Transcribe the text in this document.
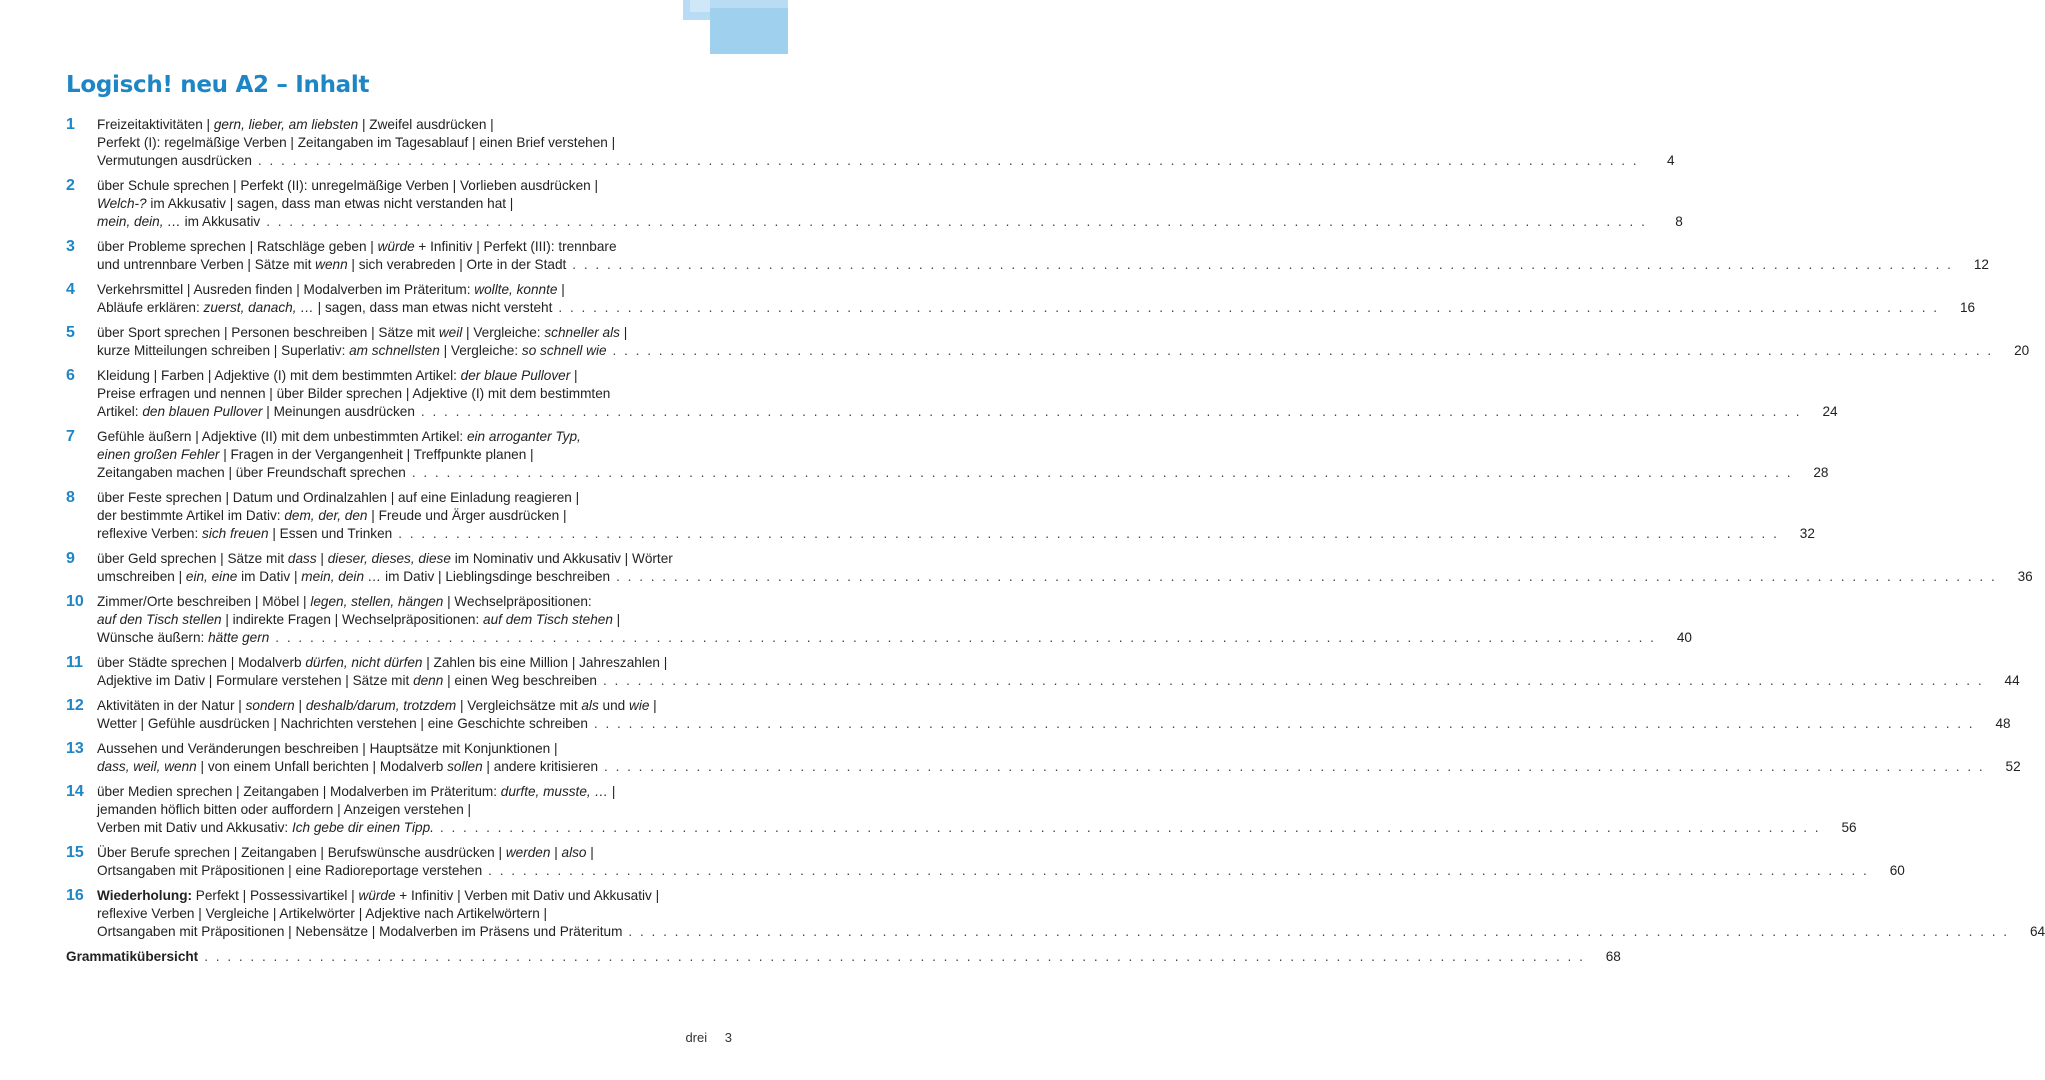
Logisch! neu A2 – Inhalt
1	Freizeitaktivitäten | gern, lieber, am liebsten | Zweifel ausdrücken |
Perfekt (I): regelmäßige Verben | Zeitangaben im Tagesablauf | einen Brief verstehen |
Vermutungen ausdrücken . . . . . . . . . . . . . . . . . . . . . . . . . . . . . . . . . . . . . . . . . . . . . . . . . . . . . . . . . . . . . . . . . . . . . . . . . . . . . . . . . . . . . . . . . . . . . . . . . . . . . . . . . . . . . . . . . . . . . . . .	4
2	über Schule sprechen | Perfekt (II): unregelmäßige Verben | Vorlieben ausdrücken |
Welch-? im Akkusativ | sagen, dass man etwas nicht verstanden hat |
mein, dein, … im Akkusativ . . . . . . . . . . . . . . . . . . . . . . . . . . . . . . . . . . . . . . . . . . . . . . . . . . . . . . . . . . . . . . . . . . . . . . . . . . . . . . . . . . . . . . . . . . . . . . . . . . . . . . . . . . . . . . . . . . . . . . . .	8
3	über Probleme sprechen | Ratschläge geben | würde + Infinitiv | Perfekt (III): trennbare
und untrennbare Verben | Sätze mit wenn | sich verabreden | Orte in der Stadt . . . . . . . . . . . . . . . . . . . . . . . . . . . . . . . . . . . . . . . . . . . . . . . . . . . . . . . . . . . . . . . . . . . . . . . . . . . . . . . . . . . . . . . . . . . . . . . . . . . . . . . . . . . . . . . . . . . . . . . .	12
4	Verkehrsmittel | Ausreden finden | Modalverben im Präteritum: wollte, konnte |
Abläufe erklären: zuerst, danach, … | sagen, dass man etwas nicht versteht . . . . . . . . . . . . . . . . . . . . . . . . . . . . . . . . . . . . . . . . . . . . . . . . . . . . . . . . . . . . . . . . . . . . . . . . . . . . . . . . . . . . . . . . . . . . . . . . . . . . . . . . . . . . . . . . . . . . . . . .	16
5	über Sport sprechen | Personen beschreiben | Sätze mit weil | Vergleiche: schneller als |
kurze Mitteilungen schreiben | Superlativ: am schnellsten | Vergleiche: so schnell wie . . . . . . . . . . . . . . . . . . . . . . . . . . . . . . . . . . . . . . . . . . . . . . . . . . . . . . . . . . . . . . . . . . . . . . . . . . . . . . . . . . . . . . . . . . . . . . . . . . . . . . . . . . . . . . . . . . . . . . . .	20
6	Kleidung | Farben | Adjektive (I) mit dem bestimmten Artikel: der blaue Pullover |
Preise erfragen und nennen | über Bilder sprechen | Adjektive (I) mit dem bestimmten
Artikel: den blauen Pullover | Meinungen ausdrücken . . . . . . . . . . . . . . . . . . . . . . . . . . . . . . . . . . . . . . . . . . . . . . . . . . . . . . . . . . . . . . . . . . . . . . . . . . . . . . . . . . . . . . . . . . . . . . . . . . . . . . . . . . . . . . . . . . . . . . . .	24
7	Gefühle äußern | Adjektive (II) mit dem unbestimmten Artikel: ein arroganter Typ,
einen großen Fehler | Fragen in der Vergangenheit | Treffpunkte planen |
Zeitangaben machen | über Freundschaft sprechen . . . . . . . . . . . . . . . . . . . . . . . . . . . . . . . . . . . . . . . . . . . . . . . . . . . . . . . . . . . . . . . . . . . . . . . . . . . . . . . . . . . . . . . . . . . . . . . . . . . . . . . . . . . . . . . . . . . . . . . .	28
8	über Feste sprechen | Datum und Ordinalzahlen | auf eine Einladung reagieren |
der bestimmte Artikel im Dativ: dem, der, den | Freude und Ärger ausdrücken |
reflexive Verben: sich freuen | Essen und Trinken . . . . . . . . . . . . . . . . . . . . . . . . . . . . . . . . . . . . . . . . . . . . . . . . . . . . . . . . . . . . . . . . . . . . . . . . . . . . . . . . . . . . . . . . . . . . . . . . . . . . . . . . . . . . . . . . . . . . . . . .	32
9	über Geld sprechen | Sätze mit dass | dieser, dieses, diese im Nominativ und Akkusativ | Wörter
umschreiben | ein, eine im Dativ | mein, dein … im Dativ | Lieblingsdinge beschreiben . . . . . . . . . . . . . . . . . . . . . . . . . . . . . . . . . . . . . . . . . . . . . . . . . . . . . . . . . . . . . . . . . . . . . . . . . . . . . . . . . . . . . . . . . . . . . . . . . . . . . . . . . . . . . . . . . . . . . . . .	36
10 Zimmer/Orte beschreiben | Möbel | legen, stellen, hängen | Wechselpräpositionen:
auf den Tisch stellen | indirekte Fragen | Wechselpräpositionen: auf dem Tisch stehen |
Wünsche äußern: hätte gern . . . . . . . . . . . . . . . . . . . . . . . . . . . . . . . . . . . . . . . . . . . . . . . . . . . . . . . . . . . . . . . . . . . . . . . . . . . . . . . . . . . . . . . . . . . . . . . . . . . . . . . . . . . . . . . . . . . . . . . .	40
11	über Städte sprechen | Modalverb dürfen, nicht dürfen | Zahlen bis eine Million | Jahreszahlen |
Adjektive im Dativ | Formulare verstehen | Sätze mit denn | einen Weg beschreiben . . . . . . . . . . . . . . . . . . . . . . . . . . . . . . . . . . . . . . . . . . . . . . . . . . . . . . . . . . . . . . . . . . . . . . . . . . . . . . . . . . . . . . . . . . . . . . . . . . . . . . . . . . . . . . . . . . . . . . . .	44
12 Aktivitäten in der Natur | sondern | deshalb/darum, trotzdem | Vergleichsätze mit als und wie |
Wetter | Gefühle ausdrücken | Nachrichten verstehen | eine Geschichte schreiben . . . . . . . . . . . . . . . . . . . . . . . . . . . . . . . . . . . . . . . . . . . . . . . . . . . . . . . . . . . . . . . . . . . . . . . . . . . . . . . . . . . . . . . . . . . . . . . . . . . . . . . . . . . . . . . . . . . . . . . .	48
13 Aussehen und Veränderungen beschreiben | Hauptsätze mit Konjunktionen |
dass, weil, wenn | von einem Unfall berichten | Modalverb sollen | andere kritisieren . . . . . . . . . . . . . . . . . . . . . . . . . . . . . . . . . . . . . . . . . . . . . . . . . . . . . . . . . . . . . . . . . . . . . . . . . . . . . . . . . . . . . . . . . . . . . . . . . . . . . . . . . . . . . . . . . . . . . . . .	52
14 über Medien sprechen | Zeitangaben | Modalverben im Präteritum: durfte, musste, … |
jemanden höflich bitten oder auffordern | Anzeigen verstehen |
Verben mit Dativ und Akkusativ: Ich gebe dir einen Tipp. . . . . . . . . . . . . . . . . . . . . . . . . . . . . . . . . . . . . . . . . . . . . . . . . . . . . . . . . . . . . . . . . . . . . . . . . . . . . . . . . . . . . . . . . . . . . . . . . . . . . . . . . . . . . . . . . . . . . . . . .	56
15 Über Berufe sprechen | Zeitangaben | Berufswünsche ausdrücken | werden | also |
Ortsangaben mit Präpositionen | eine Radioreportage verstehen . . . . . . . . . . . . . . . . . . . . . . . . . . . . . . . . . . . . . . . . . . . . . . . . . . . . . . . . . . . . . . . . . . . . . . . . . . . . . . . . . . . . . . . . . . . . . . . . . . . . . . . . . . . . . . . . . . . . . . . .	60
16 Wiederholung: Perfekt | Possessivartikel | würde + Infinitiv | Verben mit Dativ und Akkusativ |
reflexive Verben | Vergleiche | Artikelwörter | Adjektive nach Artikelwörtern |
Ortsangaben mit Präpositionen | Nebensätze | Modalverben im Präsens und Präteritum . . . . . . . . . . . . . . . . . . . . . . . . . . . . . . . . . . . . . . . . . . . . . . . . . . . . . . . . . . . . . . . . . . . . . . . . . . . . . . . . . . . . . . . . . . . . . . . . . . . . . . . . . . . . . . . . . . . . . . . .	64
Grammatikübersicht . . . . . . . . . . . . . . . . . . . . . . . . . . . . . . . . . . . . . . . . . . . . . . . . . . . . . . . . . . . . . . . . . . . . . . . . . . . . . . . . . . . . . . . . . . . . . . . . . . . . . . . . . . . . . . . . . . . . . . . .	68
drei 3
